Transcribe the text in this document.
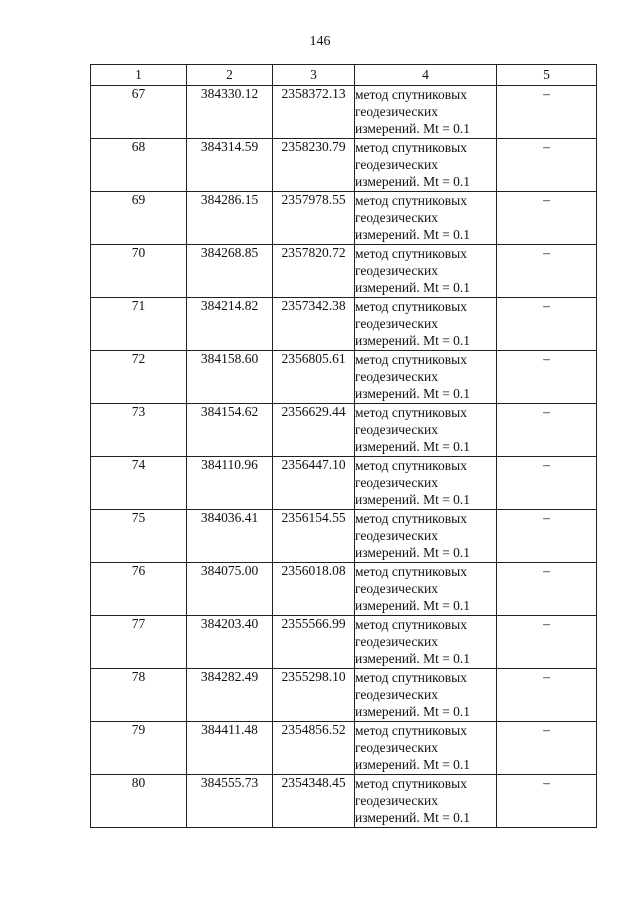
146
1	2	3	4	5
67	384330.12	2358372.13	метод спутниковых
геодезических
измерений. Mt = 0.1	–
68	384314.59	2358230.79	метод спутниковых
геодезических
измерений. Mt = 0.1	–
69	384286.15	2357978.55	метод спутниковых
геодезических
измерений. Mt = 0.1	–
70	384268.85	2357820.72	метод спутниковых
геодезических
измерений. Mt = 0.1	–
71	384214.82	2357342.38	метод спутниковых
геодезических
измерений. Mt = 0.1	–
72	384158.60	2356805.61	метод спутниковых
геодезических
измерений. Mt = 0.1	–
73	384154.62	2356629.44	метод спутниковых
геодезических
измерений. Mt = 0.1	–
74	384110.96	2356447.10	метод спутниковых
геодезических
измерений. Mt = 0.1	–
75	384036.41	2356154.55	метод спутниковых
геодезических
измерений. Mt = 0.1	–
76	384075.00	2356018.08	метод спутниковых
геодезических
измерений. Mt = 0.1	–
77	384203.40	2355566.99	метод спутниковых
геодезических
измерений. Mt = 0.1	–
78	384282.49	2355298.10	метод спутниковых
геодезических
измерений. Mt = 0.1	–
79	384411.48	2354856.52	метод спутниковых
геодезических
измерений. Mt = 0.1	–
80	384555.73	2354348.45	метод спутниковых
геодезических
измерений. Mt = 0.1	–
